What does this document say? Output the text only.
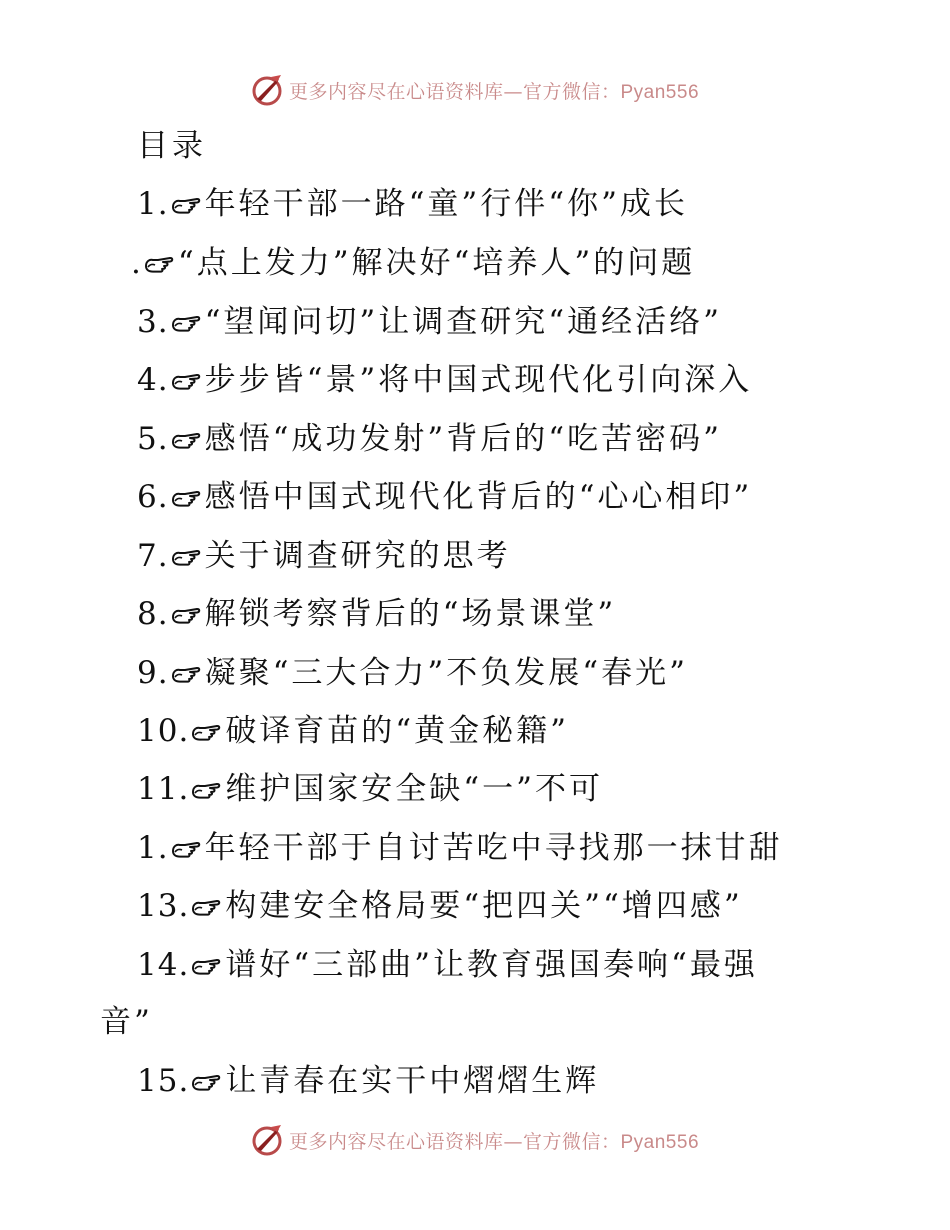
更多内容尽在心语资料库—官方微信：Pyan556
目录
1. 年轻干部一路“童”行伴“你”成长
. “点上发力”解决好“培养人”的问题
3. “望闻问切”让调查研究“通经活络”
4. 步步皆“景”将中国式现代化引向深入
5. 感悟“成功发射”背后的“吃苦密码”
6. 感悟中国式现代化背后的“心心相印”
7. 关于调查研究的思考
8. 解锁考察背后的“场景课堂”
9. 凝聚“三大合力”不负发展“春光”
10. 破译育苗的“黄金秘籍”
11. 维护国家安全缺“一”不可
1. 年轻干部于自讨苦吃中寻找那一抹甘甜
13. 构建安全格局要“把四关”“增四感”
14. 谱好“三部曲”让教育强国奏响“最强
音”
15. 让青春在实干中熠熠生辉
更多内容尽在心语资料库—官方微信：Pyan556
